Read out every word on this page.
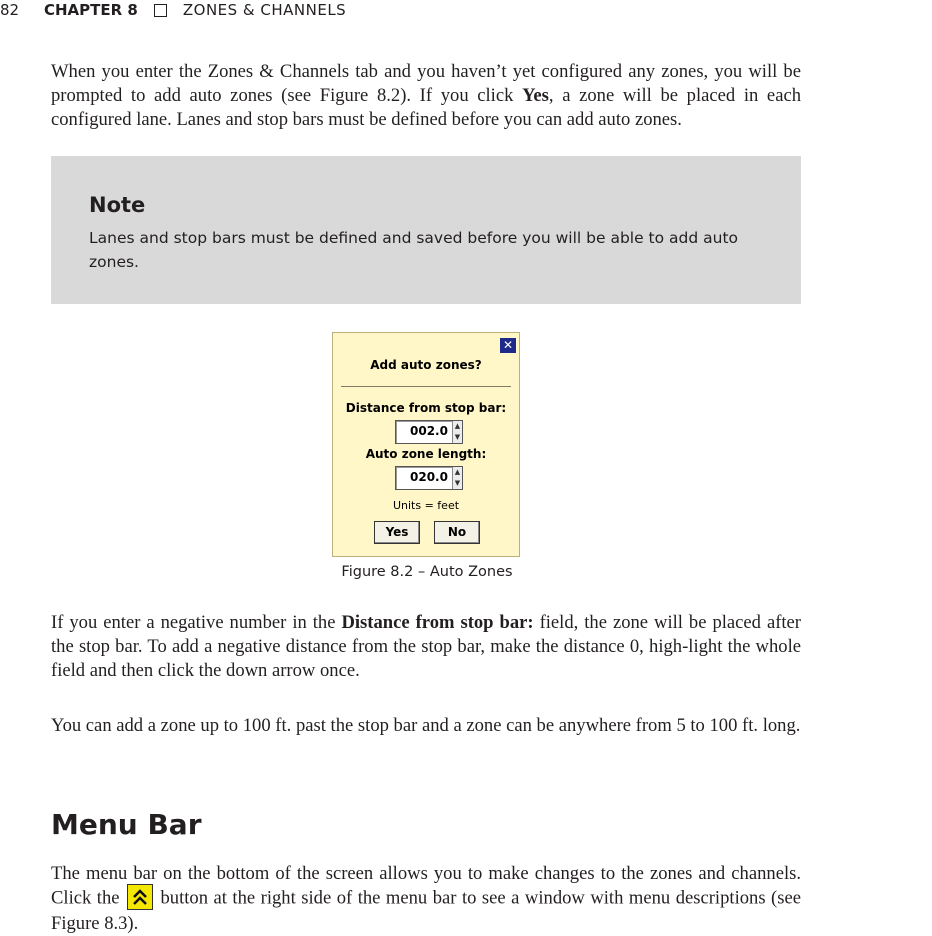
82	CHAPTER 8	ZONES & CHANNELS

When you enter the Zones & Channels tab and you haven’t yet configured any zones, you will be prompted to add auto zones (see Figure 8.2). If you click Yes, a zone will be placed in each configured lane. Lanes and stop bars must be defined before you can add auto zones.

Note
Lanes and stop bars must be defined and saved before you will be able to add auto zones.
✕
Add auto zones?
Distance from stop bar:
002.0 ▲
▼
Auto zone length:
020.0 ▲
▼
Units = feet
Yes	No
Figure 8.2 – Auto Zones

If you enter a negative number in the Distance from stop bar: field, the zone will be placed after the stop bar. To add a negative distance from the stop bar, make the distance 0, high-light the whole field and then click the down arrow once.

You can add a zone up to 100 ft. past the stop bar and a zone can be anywhere from 5 to 100 ft. long.

Menu Bar

The menu bar on the bottom of the screen allows you to make changes to the zones and channels. Click the
button at the right side of the menu bar to see a window with menu descriptions (see Figure 8.3).
